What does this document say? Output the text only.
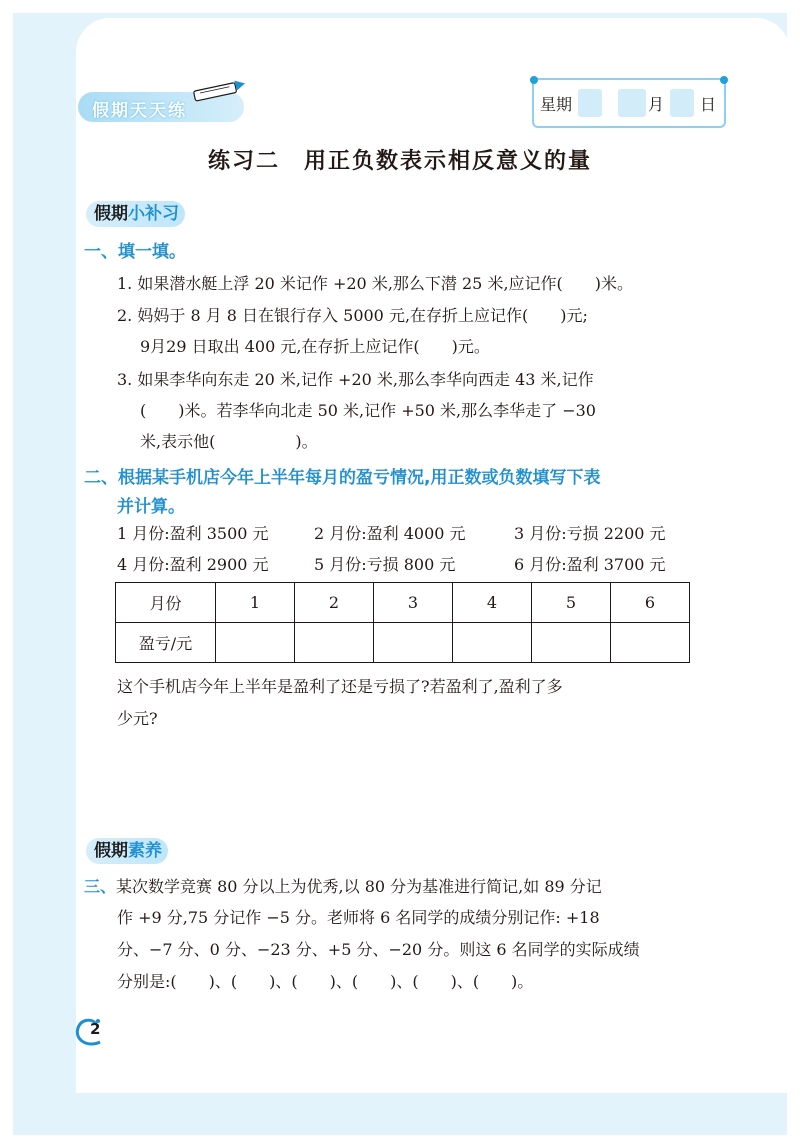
假期天天练	星期	月 日
练习二　用正负数表示相反意义的量
假期小补习
一、填一填。
1. 如果潜水艇上浮 20 米记作 +20 米,那么下潜 25 米,应记作(　　)米。
2. 妈妈于 8 月 8 日在银行存入 5000 元,在存折上应记作(　　)元;
9月29 日取出 400 元,在存折上应记作(　　)元。
3. 如果李华向东走 20 米,记作 +20 米,那么李华向西走 43 米,记作
(　　)米。若李华向北走 50 米,记作 +50 米,那么李华走了 −30
米,表示他(　　　　　)。
二、根据某手机店今年上半年每月的盈亏情况,用正数或负数填写下表
并计算。
1 月份:盈利 3500 元	2 月份:盈利 4000 元	3 月份:亏损 2200 元
4 月份:盈利 2900 元	5 月份:亏损 800 元	6 月份:盈利 3700 元
月份	1	2	3	4	5	6
盈亏/元						
这个手机店今年上半年是盈利了还是亏损了?若盈利了,盈利了多
少元?
假期素养
三、某次数学竞赛 80 分以上为优秀,以 80 分为基准进行简记,如 89 分记
作 +9 分,75 分记作 −5 分。老师将 6 名同学的成绩分别记作: +18
分、−7 分、0 分、−23 分、+5 分、−20 分。则这 6 名同学的实际成绩
分别是:(　　)、(　　)、(　　)、(　　)、(　　)、(　　)。
2
